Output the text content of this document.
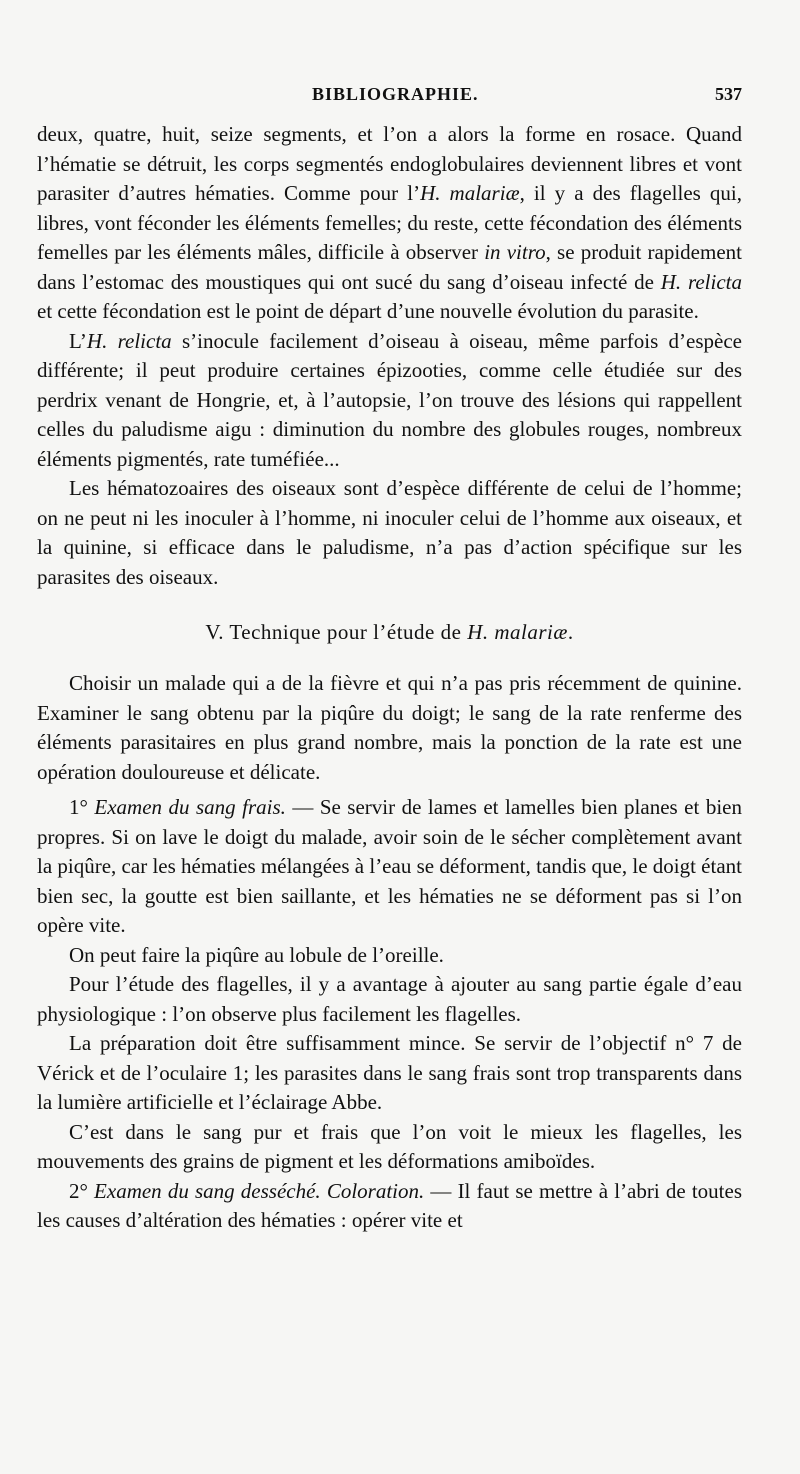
BIBLIOGRAPHIE.	537

deux, quatre, huit, seize segments, et l’on a alors la forme en rosace. Quand l’hématie se détruit, les corps segmentés endoglobulaires deviennent libres et vont parasiter d’autres hématies. Comme pour l’H. malariæ, il y a des flagelles qui, libres, vont féconder les éléments femelles; du reste, cette fécondation des éléments femelles par les éléments mâles, difficile à observer in vitro, se produit rapidement dans l’estomac des moustiques qui ont sucé du sang d’oiseau infecté de H. relicta et cette fécondation est le point de départ d’une nouvelle évolution du parasite.

L’H. relicta s’inocule facilement d’oiseau à oiseau, même parfois d’espèce différente; il peut produire certaines épizooties, comme celle étudiée sur des perdrix venant de Hongrie, et, à l’autopsie, l’on trouve des lésions qui rappellent celles du paludisme aigu : diminution du nombre des globules rouges, nombreux éléments pigmentés, rate tuméfiée...

Les hématozoaires des oiseaux sont d’espèce différente de celui de l’homme; on ne peut ni les inoculer à l’homme, ni inoculer celui de l’homme aux oiseaux, et la quinine, si efficace dans le paludisme, n’a pas d’action spécifique sur les parasites des oiseaux.

V. Technique pour l’étude de H. malariæ.

Choisir un malade qui a de la fièvre et qui n’a pas pris récemment de quinine. Examiner le sang obtenu par la piqûre du doigt; le sang de la rate renferme des éléments parasitaires en plus grand nombre, mais la ponction de la rate est une opération douloureuse et délicate.

1° Examen du sang frais. — Se servir de lames et lamelles bien planes et bien propres. Si on lave le doigt du malade, avoir soin de le sécher complètement avant la piqûre, car les hématies mélangées à l’eau se déforment, tandis que, le doigt étant bien sec, la goutte est bien saillante, et les hématies ne se déforment pas si l’on opère vite.

On peut faire la piqûre au lobule de l’oreille.

Pour l’étude des flagelles, il y a avantage à ajouter au sang partie égale d’eau physiologique : l’on observe plus facilement les flagelles.

La préparation doit être suffisamment mince. Se servir de l’objectif n° 7 de Vérick et de l’oculaire 1; les parasites dans le sang frais sont trop transparents dans la lumière artificielle et l’éclairage Abbe.

C’est dans le sang pur et frais que l’on voit le mieux les flagelles, les mouvements des grains de pigment et les déformations amiboïdes.

2° Examen du sang desséché. Coloration. — Il faut se mettre à l’abri de toutes les causes d’altération des hématies : opérer vite et
